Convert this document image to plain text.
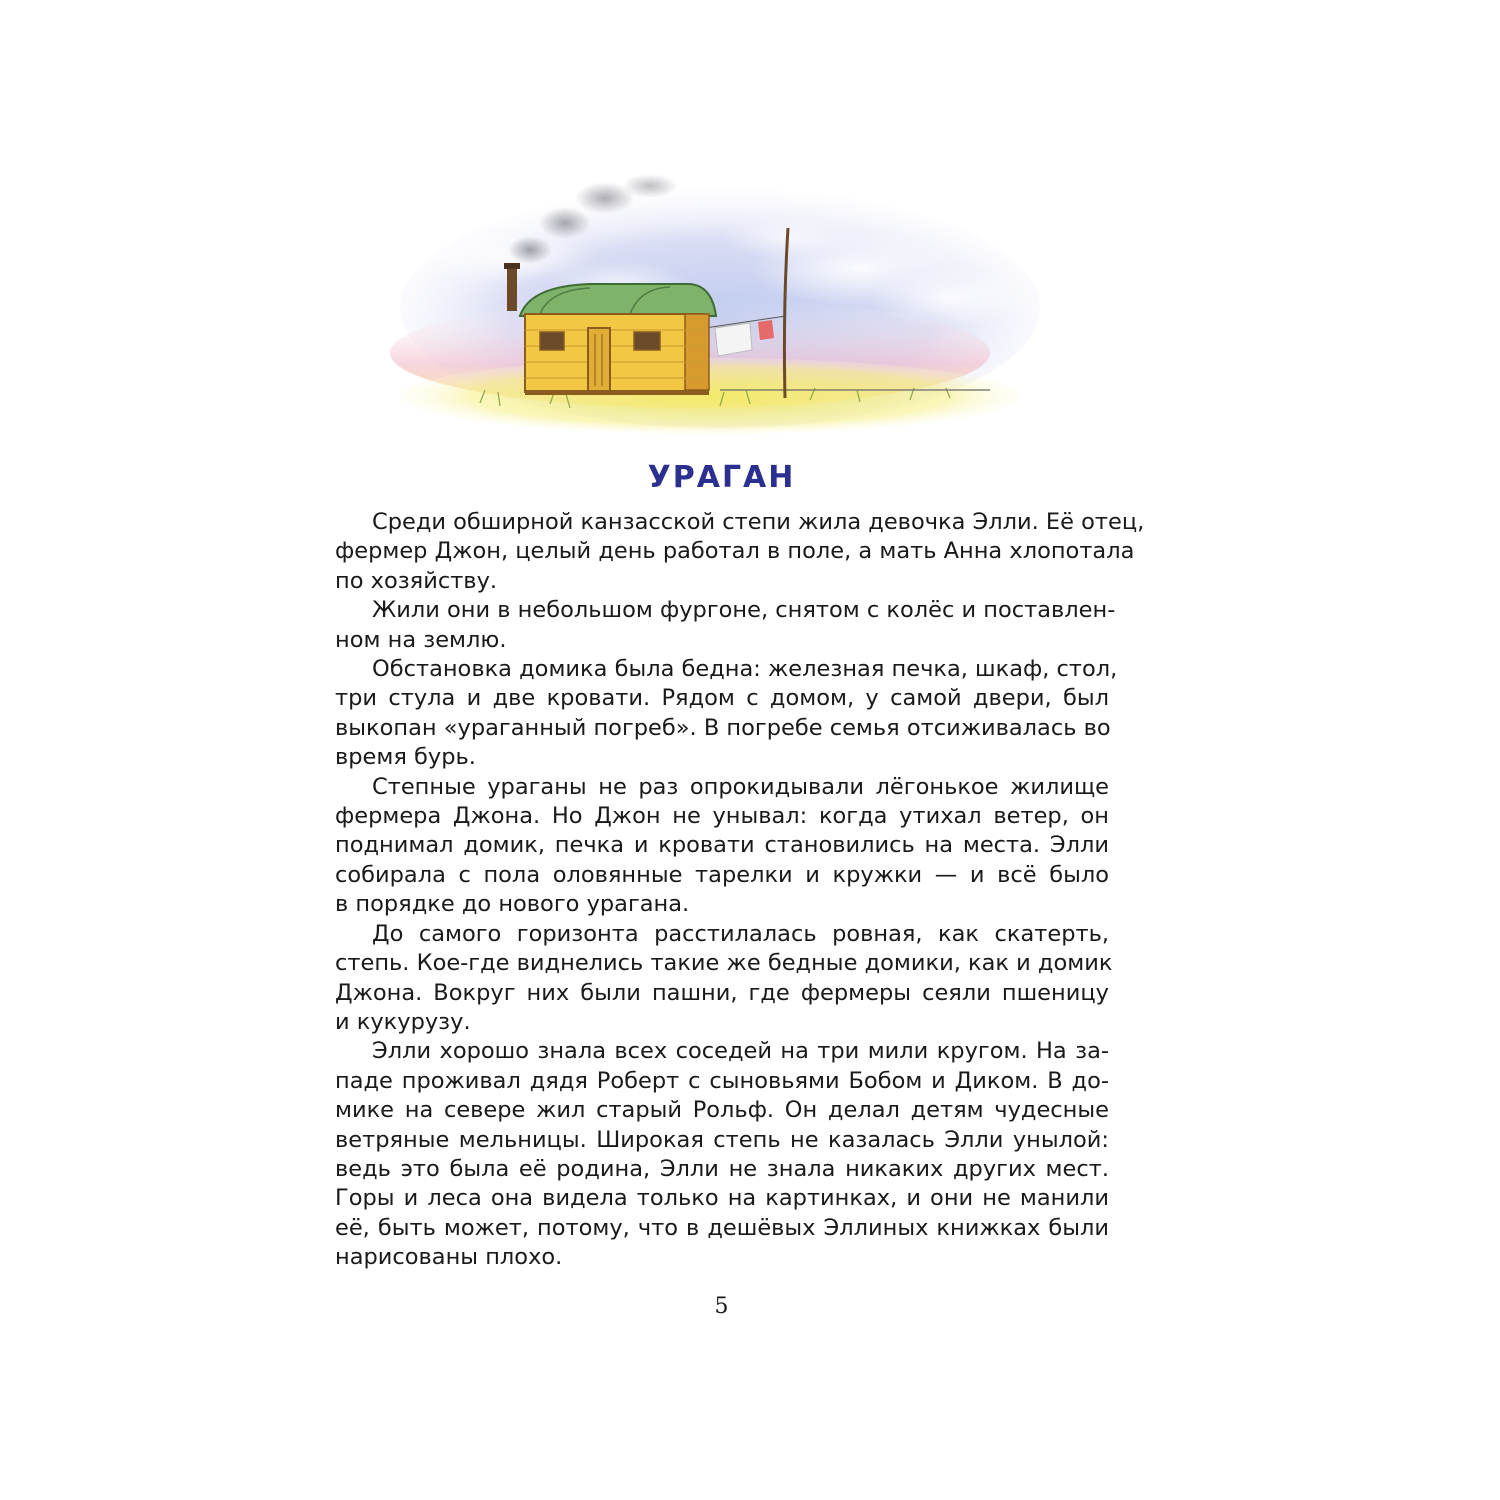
УРАГАН
Среди обширной канзасской степи жила девочка Элли. Её отец,
фермер Джон, целый день работал в поле, а мать Анна хлопотала
по хозяйству.
Жили они в небольшом фургоне, снятом с колёс и поставлен-
ном на землю.
Обстановка домика была бедна: железная печка, шкаф, стол,
три стула и две кровати. Рядом с домом, у самой двери, был
выкопан «ураганный погреб». В погребе семья отсиживалась во
время бурь.
Степные ураганы не раз опрокидывали лёгонькое жилище
фермера Джона. Но Джон не унывал: когда утихал ветер, он
поднимал домик, печка и кровати становились на места. Элли
собирала с пола оловянные тарелки и кружки — и всё было
в порядке до нового урагана.
До самого горизонта расстилалась ровная, как скатерть,
степь. Кое-где виднелись такие же бедные домики, как и домик
Джона. Вокруг них были пашни, где фермеры сеяли пшеницу
и кукурузу.
Элли хорошо знала всех соседей на три мили кругом. На за-
паде проживал дядя Роберт с сыновьями Бобом и Диком. В до-
мике на севере жил старый Рольф. Он делал детям чудесные
ветряные мельницы. Широкая степь не казалась Элли унылой:
ведь это была её родина, Элли не знала никаких других мест.
Горы и леса она видела только на картинках, и они не манили
её, быть может, потому, что в дешёвых Эллиных книжках были
нарисованы плохо.
5
